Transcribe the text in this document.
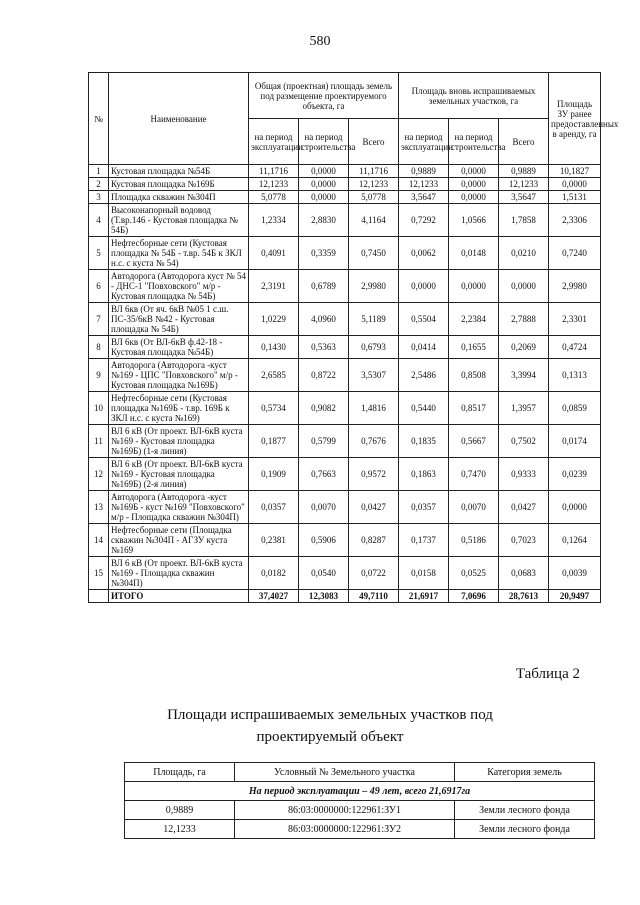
580
№	Наименование	Общая (проектная) площадь земель под размещение проектируемого объекта, га			Площадь вновь испрашиваемых земельных участков, га			Площадь ЗУ ранее предоставленных в аренду, га
		на период эксплуатации	на период строительства	Всего	на период эксплуатации	на период строительства	Всего	
1	Кустовая площадка №54Б	11,1716	0,0000	11,1716	0,9889	0,0000	0,9889	10,1827
2	Кустовая площадка №169Б	12,1233	0,0000	12,1233	12,1233	0,0000	12,1233	0,0000
3	Площадка скважин №304П	5,0778	0,0000	5,0778	3,5647	0,0000	3,5647	1,5131
4	Высоконапорный водовод (Т.вр.146 - Кустовая площадка № 54Б)	1,2334	2,8830	4,1164	0,7292	1,0566	1,7858	2,3306
5	Нефтесборные сети (Кустовая площадка № 54Б - т.вр. 54Б к ЗКЛ н.с. с куста № 54)	0,4091	0,3359	0,7450	0,0062	0,0148	0,0210	0,7240
6	Автодорога (Автодорога куст № 54 - ДНС-1 "Повховского" м/р - Кустовая площадка № 54Б)	2,3191	0,6789	2,9980	0,0000	0,0000	0,0000	2,9980
7	ВЛ 6кв (От яч. 6кВ №05 1 с.ш. ПС-35/6кВ №42 - Кустовая площадка № 54Б)	1,0229	4,0960	5,1189	0,5504	2,2384	2,7888	2,3301
8	ВЛ 6кв (От ВЛ-6кВ ф.42-18 - Кустовая площадка №54Б)	0,1430	0,5363	0,6793	0,0414	0,1655	0,2069	0,4724
9	Автодорога (Автодорога -куст №169 - ЦПС "Повховского" м/р - Кустовая площадка №169Б)	2,6585	0,8722	3,5307	2,5486	0,8508	3,3994	0,1313
10	Нефтесборные сети (Кустовая площадка №169Б - т.вр. 169Б к ЗКЛ н.с. с куста №169)	0,5734	0,9082	1,4816	0,5440	0,8517	1,3957	0,0859
11	ВЛ 6 кВ (От проект. ВЛ-6кВ куста №169 - Кустовая площадка №169Б) (1-я линия)	0,1877	0,5799	0,7676	0,1835	0,5667	0,7502	0,0174
12	ВЛ 6 кВ (От проект. ВЛ-6кВ куста №169 - Кустовая площадка №169Б) (2-я линия)	0,1909	0,7663	0,9572	0,1863	0,7470	0,9333	0,0239
13	Автодорога (Автодорога -куст №169Б - куст №169 "Повховского" м/р - Площадка скважин №304П)	0,0357	0,0070	0,0427	0,0357	0,0070	0,0427	0,0000
14	Нефтесборные сети (Площадка скважин №304П - АГЗУ куста №169	0,2381	0,5906	0,8287	0,1737	0,5186	0,7023	0,1264
15	ВЛ 6 кВ (От проект. ВЛ-6кВ куста №169 - Площадка скважин №304П)	0,0182	0,0540	0,0722	0,0158	0,0525	0,0683	0,0039
	ИТОГО	37,4027	12,3083	49,7110	21,6917	7,0696	28,7613	20,9497
Таблица 2
Площади испрашиваемых земельных участков под проектируемый объект
Площадь, га	Условный № Земельного участка	Категория земель
На период эксплуатации – 49 лет, всего 21,6917га		
0,9889	86:03:0000000:122961:ЗУ1	Земли лесного фонда
12,1233	86:03:0000000:122961:ЗУ2	Земли лесного фонда
